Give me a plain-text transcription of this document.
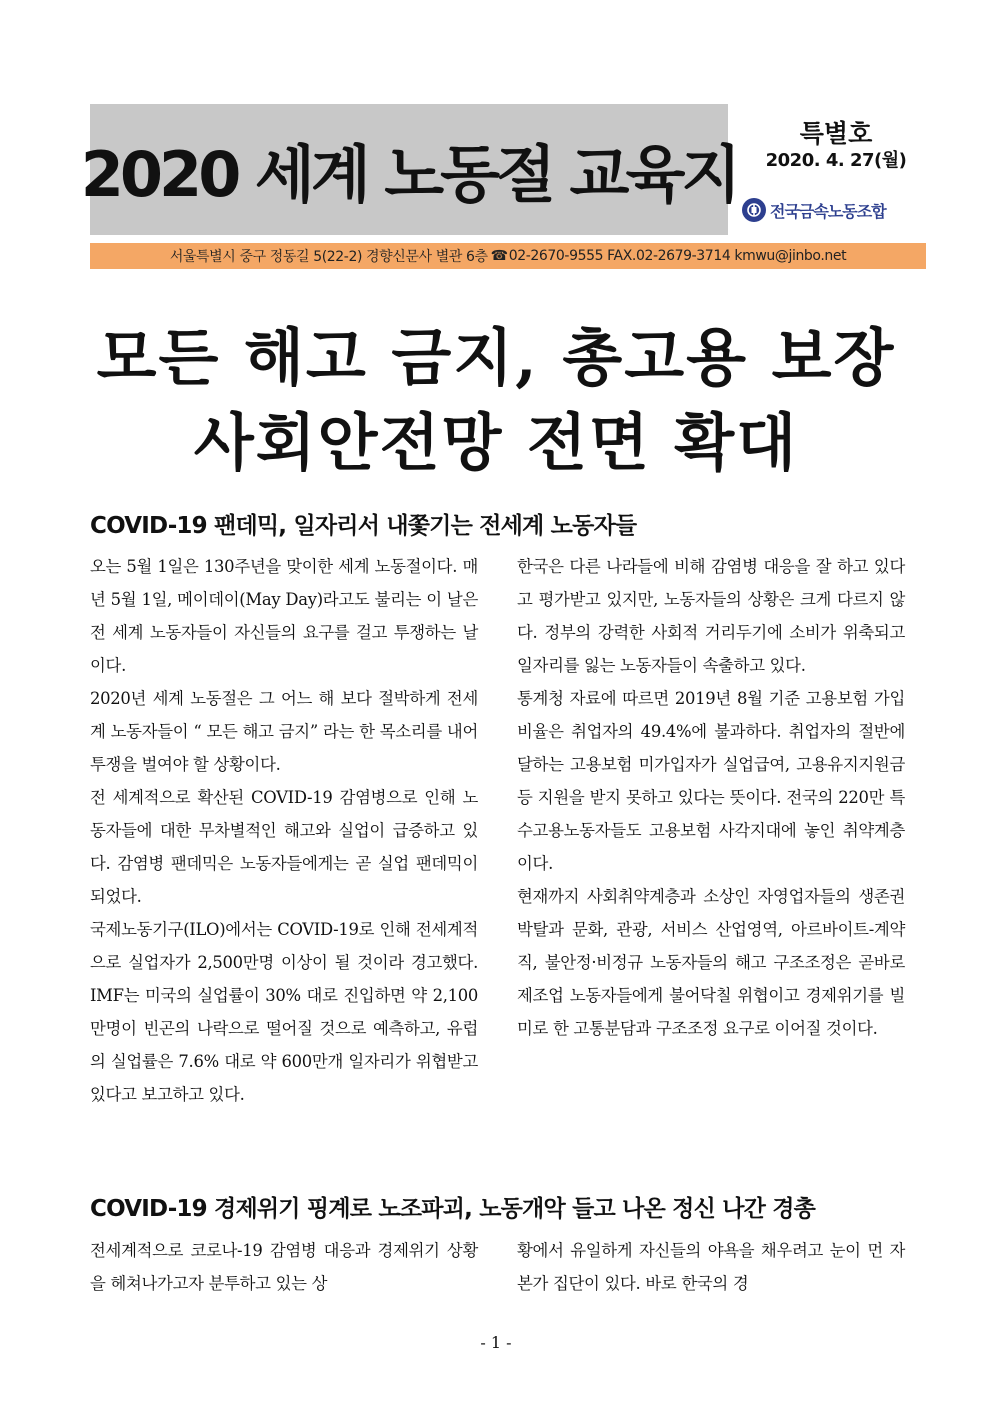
2020 세계 노동절 교육지
특별호
2020. 4. 27(월)
전국금속노동조합
서울특별시 중구 정동길 5(22-2) 경향신문사 별관 6층 ☎ 02-2670-9555
FAX.02-2679-3714
kmwu@jinbo.net
모든 해고 금지, 총고용 보장
사회안전망 전면 확대
COVID-19 팬데믹, 일자리서 내쫓기는 전세계 노동자들

오는 5월 1일은 130주년을 맞이한 세계 노동절이다. 매년 5월 1일, 메이데이(May Day)라고도 불리는 이 날은 전 세계 노동자들이 자신들의 요구를 걸고 투쟁하는 날이다.

2020년 세계 노동절은 그 어느 해 보다 절박하게 전세계 노동자들이 “ 모든 해고 금지” 라는 한 목소리를 내어 투쟁을 벌여야 할 상황이다.

전 세계적으로 확산된 COVID-19 감염병으로 인해 노동자들에 대한 무차별적인 해고와 실업이 급증하고 있다. 감염병 팬데믹은 노동자들에게는 곧 실업 팬데믹이 되었다.

국제노동기구(ILO)에서는 COVID-19로 인해 전세계적으로 실업자가 2,500만명 이상이 될 것이라 경고했다. IMF는 미국의 실업률이 30% 대로 진입하면 약 2,100만명이 빈곤의 나락으로 떨어질 것으로 예측하고, 유럽의 실업률은 7.6% 대로 약 600만개 일자리가 위협받고 있다고 보고하고 있다.

한국은 다른 나라들에 비해 감염병 대응을 잘 하고 있다고 평가받고 있지만, 노동자들의 상황은 크게 다르지 않다. 정부의 강력한 사회적 거리두기에 소비가 위축되고 일자리를 잃는 노동자들이 속출하고 있다.

통계청 자료에 따르면 2019년 8월 기준 고용보험 가입 비율은 취업자의 49.4%에 불과하다. 취업자의 절반에 달하는 고용보험 미가입자가 실업급여, 고용유지지원금 등 지원을 받지 못하고 있다는 뜻이다. 전국의 220만 특수고용노동자들도 고용보험 사각지대에 놓인 취약계층이다.

현재까지 사회취약계층과 소상인 자영업자들의 생존권 박탈과 문화, 관광, 서비스 산업영역, 아르바이트-계약직, 불안정·비정규 노동자들의 해고 구조조정은 곧바로 제조업 노동자들에게 불어닥칠 위협이고 경제위기를 빌미로 한 고통분담과 구조조정 요구로 이어질 것이다.

COVID-19 경제위기 핑계로 노조파괴, 노동개악 들고 나온 정신 나간 경총

전세계적으로 코로나-19 감염병 대응과 경제위기 상황을 헤쳐나가고자 분투하고 있는 상

황에서 유일하게 자신들의 야욕을 채우려고 눈이 먼 자본가 집단이 있다. 바로 한국의 경

- 1 -
